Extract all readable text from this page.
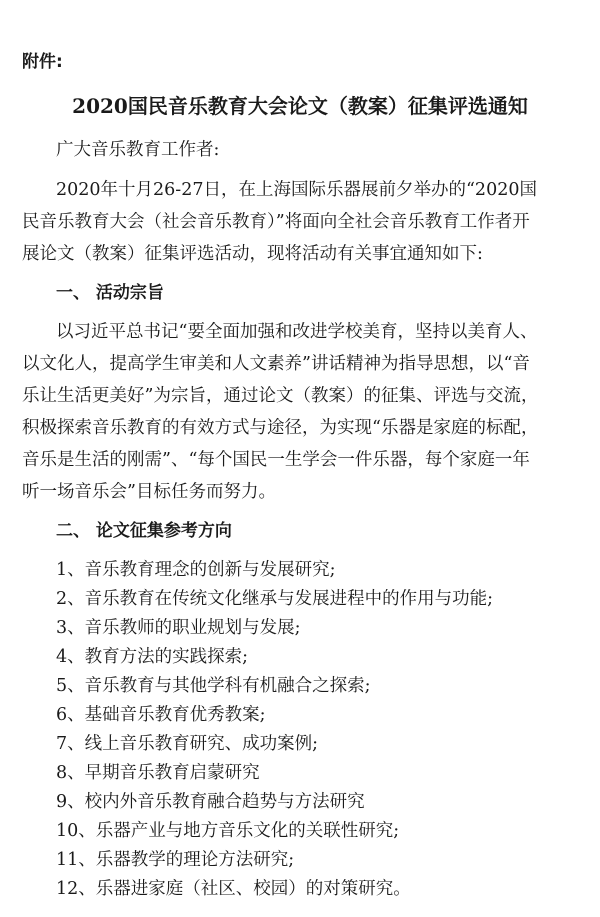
附件:
2020国民音乐教育大会论文（教案）征集评选通知
广大音乐教育工作者:
2020年十月26-27日，在上海国际乐器展前夕举办的“2020国
民音乐教育大会（社会音乐教育）”将面向全社会音乐教育工作者开
展论文（教案）征集评选活动，现将活动有关事宜通知如下:
一、 活动宗旨
以习近平总书记“要全面加强和改进学校美育，坚持以美育人、
以文化人，提高学生审美和人文素养”讲话精神为指导思想，以“音
乐让生活更美好”为宗旨，通过论文（教案）的征集、评选与交流，
积极探索音乐教育的有效方式与途径，为实现“乐器是家庭的标配，
音乐是生活的刚需”、“每个国民一生学会一件乐器，每个家庭一年
听一场音乐会”目标任务而努力。
二、 论文征集参考方向
1、音乐教育理念的创新与发展研究;
2、音乐教育在传统文化继承与发展进程中的作用与功能;
3、音乐教师的职业规划与发展;
4、教育方法的实践探索;
5、音乐教育与其他学科有机融合之探索;
6、基础音乐教育优秀教案;
7、线上音乐教育研究、成功案例;
8、早期音乐教育启蒙研究
9、校内外音乐教育融合趋势与方法研究
10、乐器产业与地方音乐文化的关联性研究;
11、乐器教学的理论方法研究;
12、乐器进家庭（社区、校园）的对策研究。
